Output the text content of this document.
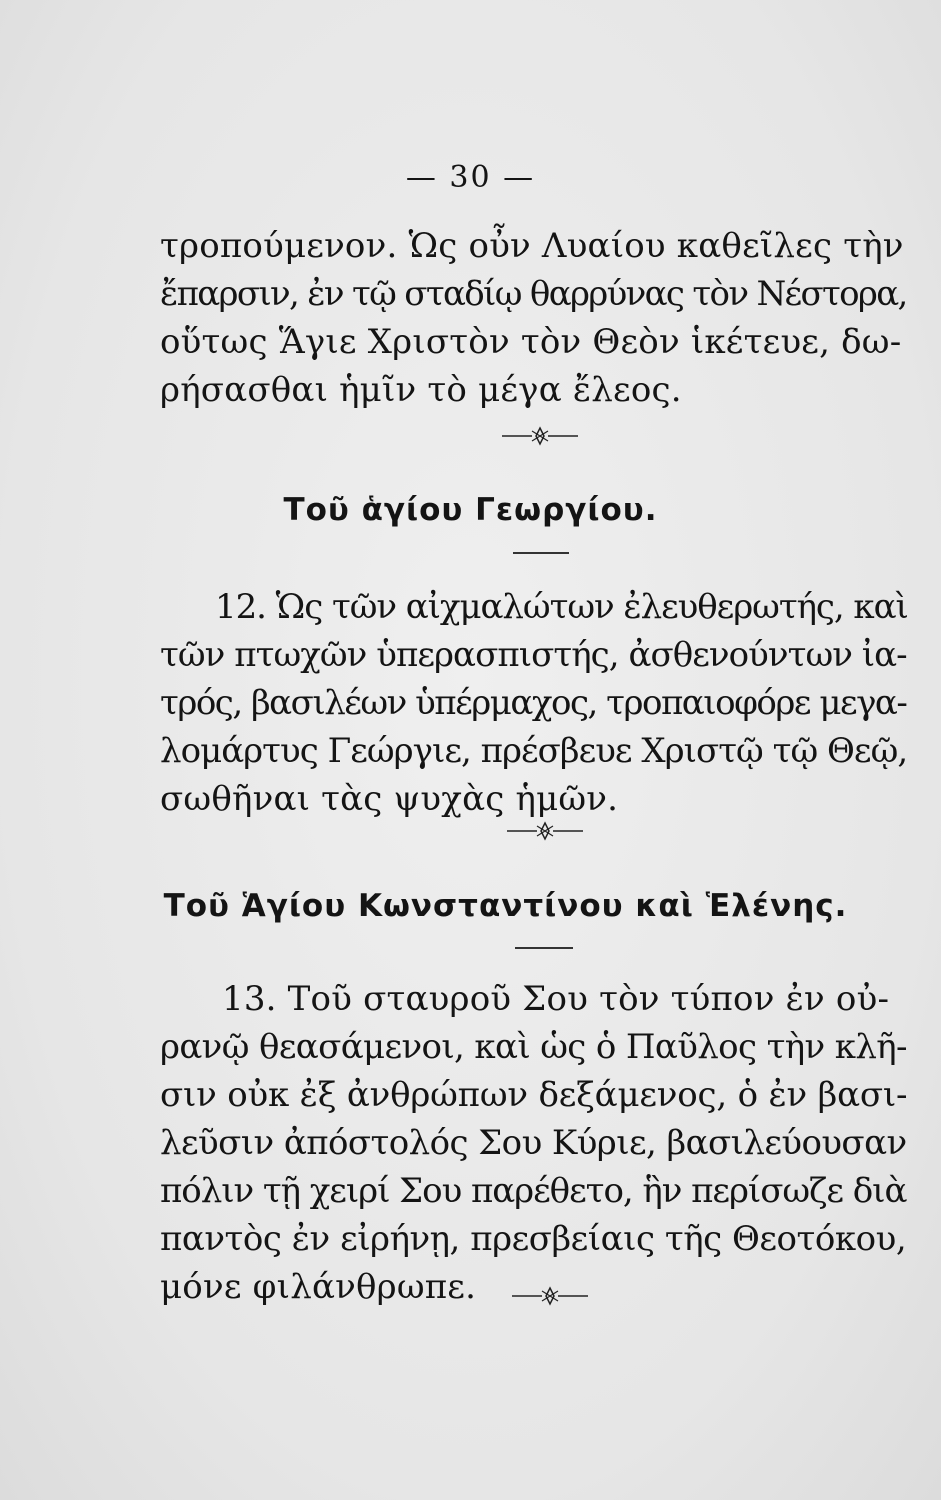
— 30 —
τροπούμενον. Ὡς οὖν Λυαίου καθεῖλες τὴν
ἔπαρσιν, ἐν τῷ σταδίῳ θαρρύνας τὸν Νέστορα,
οὕτως Ἅγιε Χριστὸν τὸν Θεὸν ἱκέτευε, δω-
ρήσασθαι ἡμῖν τὸ μέγα ἔλεος.
Τοῦ ἁγίου Γεωργίου.
12. Ὡς τῶν αἰχμαλώτων ἐλευθερωτής, καὶ
τῶν πτωχῶν ὑπερασπιστής, ἀσθενούντων ἰα-
τρός, βασιλέων ὑπέρμαχος, τροπαιοφόρε μεγα-
λομάρτυς Γεώργιε, πρέσβευε Χριστῷ τῷ Θεῷ,
σωθῆναι τὰς ψυχὰς ἡμῶν.
Τοῦ Ἁγίου Κωνσταντίνου καὶ Ἑλένης.
13. Τοῦ σταυροῦ Σου τὸν τύπον ἐν οὐ-
ρανῷ θεασάμενοι, καὶ ὡς ὁ Παῦλος τὴν κλῆ-
σιν οὐκ ἐξ ἀνθρώπων δεξάμενος, ὁ ἐν βασι-
λεῦσιν ἀπόστολός Σου Κύριε, βασιλεύουσαν
πόλιν τῇ χειρί Σου παρέθετο, ἣν περίσωζε διὰ
παντὸς ἐν εἰρήνῃ, πρεσβείαις τῆς Θεοτόκου,
μόνε φιλάνθρωπε.
